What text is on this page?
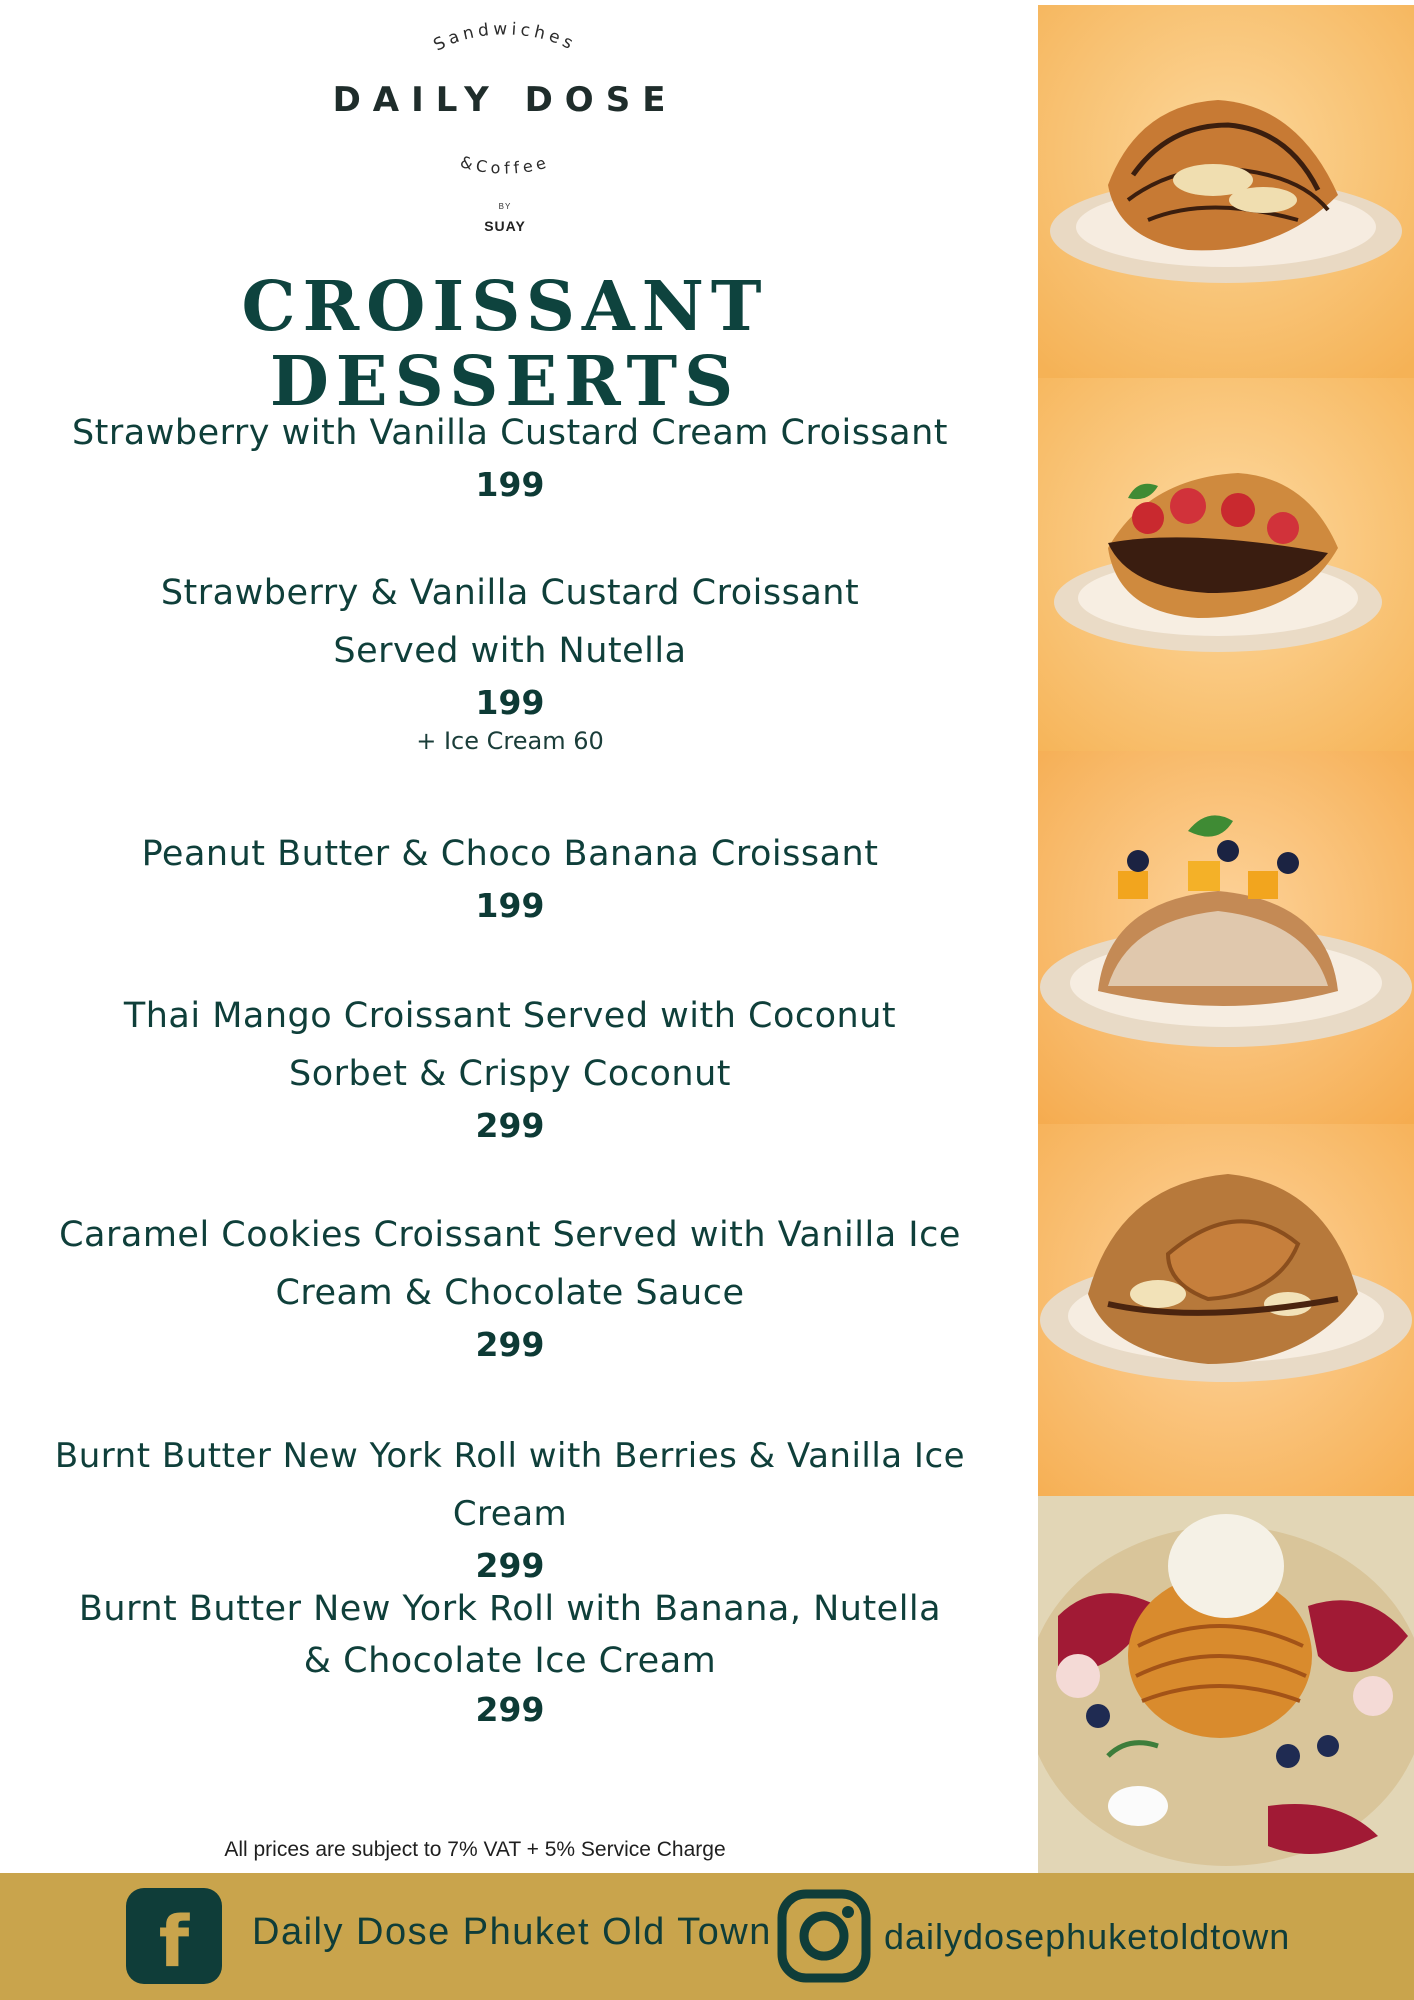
Sandwiches
&Coffee
DAILY DOSE
BY
SUAY
CROISSANT DESSERTS
Strawberry with Vanilla Custard Cream Croissant
199
Strawberry & Vanilla Custard Croissant
Served with Nutella
199
+ Ice Cream 60
Peanut Butter & Choco Banana Croissant
199
Thai Mango Croissant Served with Coconut
Sorbet & Crispy Coconut
299
Caramel Cookies Croissant Served with Vanilla Ice
Cream & Chocolate Sauce
299
Burnt Butter New York Roll with Berries & Vanilla Ice Cream
299
Burnt Butter New York Roll with Banana, Nutella
& Chocolate Ice Cream
299
All prices are subject to 7% VAT + 5% Service Charge
f	Daily Dose Phuket Old Town	dailydosephuketoldtown
